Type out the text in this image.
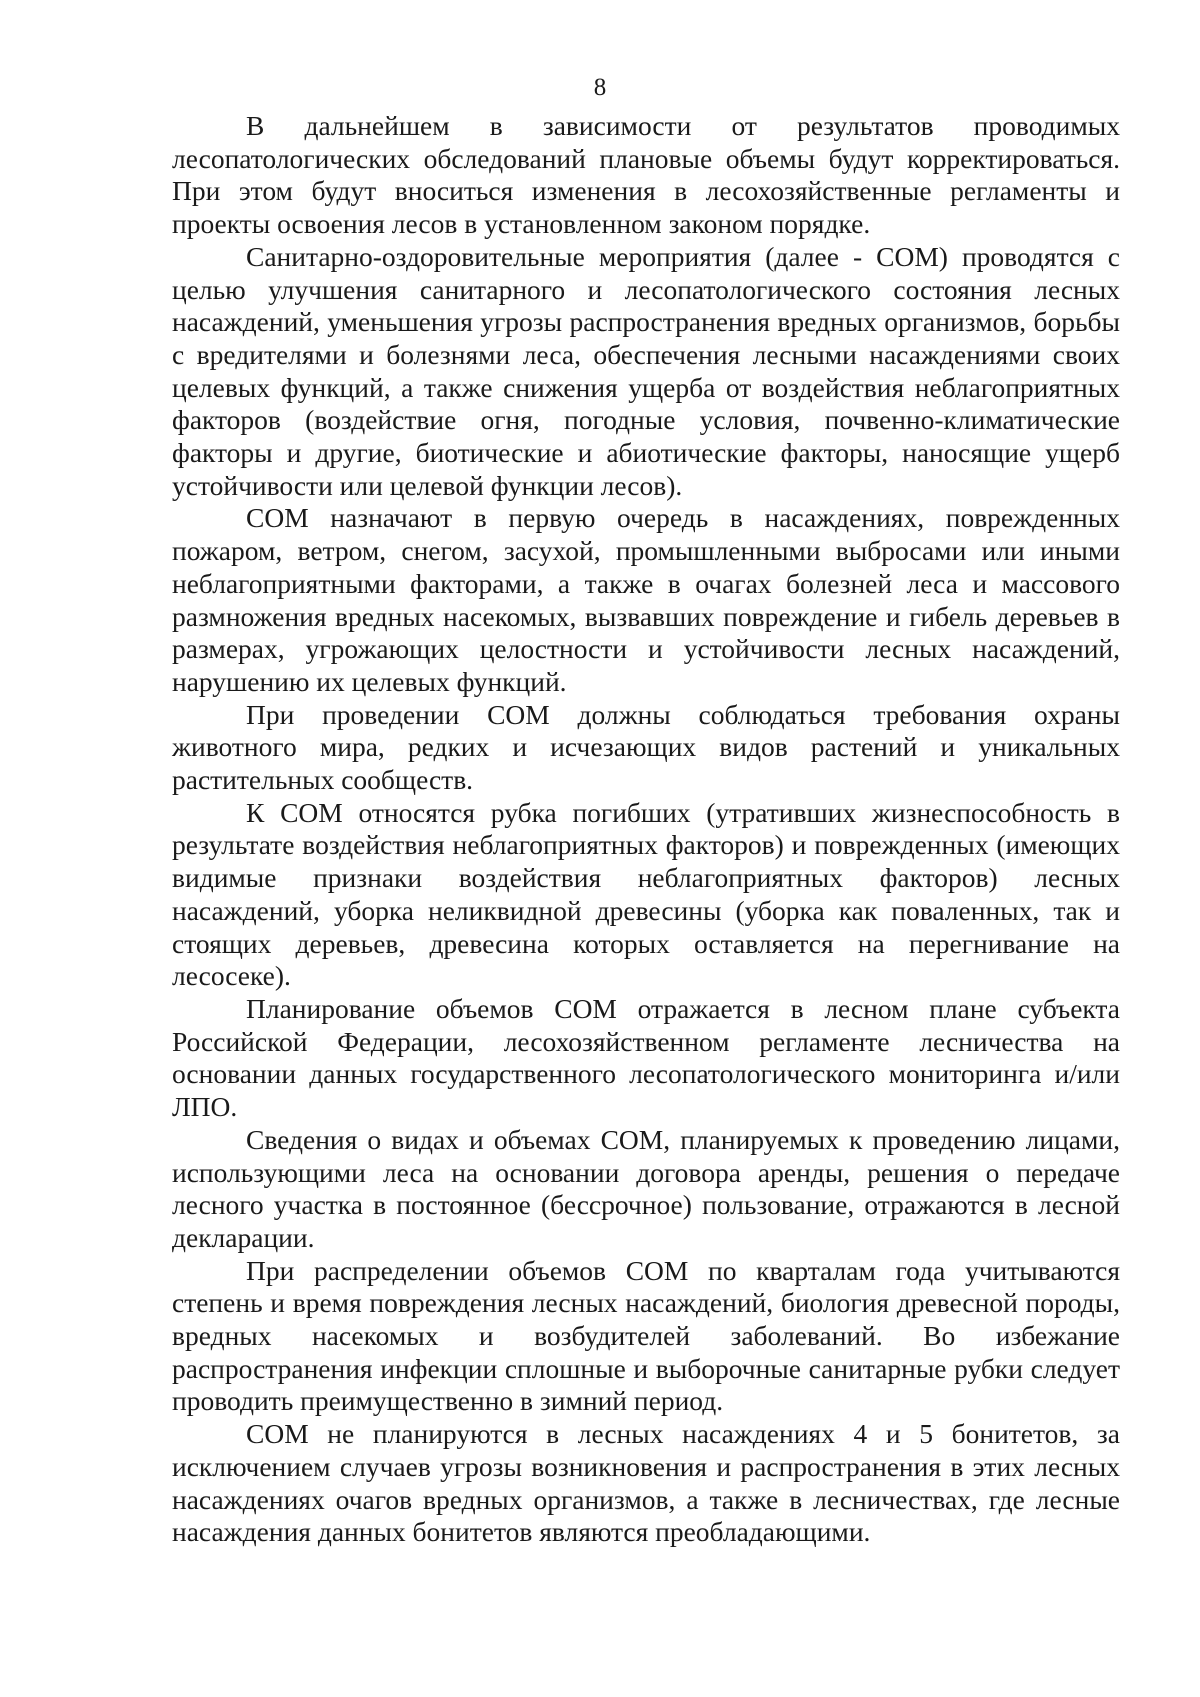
8

В дальнейшем в зависимости от результатов проводимых лесопатологических обследований плановые объемы будут корректироваться. При этом будут вноситься изменения в лесохозяйственные регламенты и проекты освоения лесов в установленном законом порядке.

Санитарно-оздоровительные мероприятия (далее - СОМ) проводятся с целью улучшения санитарного и лесопатологического состояния лесных насаждений, уменьшения угрозы распространения вредных организмов, борьбы с вредителями и болезнями леса, обеспечения лесными насаждениями своих целевых функций, а также снижения ущерба от воздействия неблагоприятных факторов (воздействие огня, погодные условия, почвенно-климатические факторы и другие, биотические и абиотические факторы, наносящие ущерб устойчивости или целевой функции лесов).

СОМ назначают в первую очередь в насаждениях, поврежденных пожаром, ветром, снегом, засухой, промышленными выбросами или иными неблагоприятными факторами, а также в очагах болезней леса и массового размножения вредных насекомых, вызвавших повреждение и гибель деревьев в размерах, угрожающих целостности и устойчивости лесных насаждений, нарушению их целевых функций.

При проведении СОМ должны соблюдаться требования охраны животного мира, редких и исчезающих видов растений и уникальных растительных сообществ.

К СОМ относятся рубка погибших (утративших жизнеспособность в результате воздействия неблагоприятных факторов) и поврежденных (имеющих видимые признаки воздействия неблагоприятных факторов) лесных насаждений, уборка неликвидной древесины (уборка как поваленных, так и стоящих деревьев, древесина которых оставляется на перегнивание на лесосеке).

Планирование объемов СОМ отражается в лесном плане субъекта Российской Федерации, лесохозяйственном регламенте лесничества на основании данных государственного лесопатологического мониторинга и/или ЛПО.

Сведения о видах и объемах СОМ, планируемых к проведению лицами, использующими леса на основании договора аренды, решения о передаче лесного участка в постоянное (бессрочное) пользование, отражаются в лесной декларации.

При распределении объемов СОМ по кварталам года учитываются степень и время повреждения лесных насаждений, биология древесной породы, вредных насекомых и возбудителей заболеваний. Во избежание распространения инфекции сплошные и выборочные санитарные рубки следует проводить преимущественно в зимний период.

СОМ не планируются в лесных насаждениях 4 и 5 бонитетов, за исключением случаев угрозы возникновения и распространения в этих лесных насаждениях очагов вредных организмов, а также в лесничествах, где лесные насаждения данных бонитетов являются преобладающими.
